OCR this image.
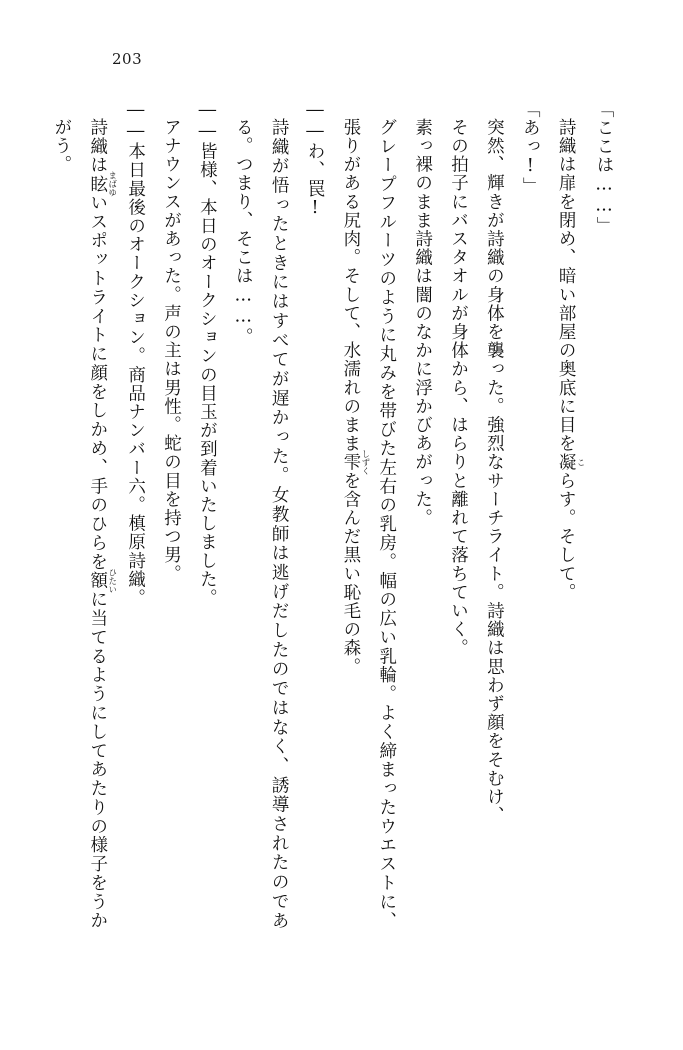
203

「ここは……」

詩織は扉を閉め、暗い部屋の奥底に目を凝 こらす。そして。

「あっ!」

突然、輝きが詩織の身体を襲った。強烈なサーチライト。詩織は思わず顔をそむけ、

その拍子にバスタオルが身体から、はらりと離れて落ちていく。

素っ裸のまま詩織は闇のなかに浮かびあがった。

グレープフルーツのように丸みを帯びた左右の乳房。幅の広い乳輪。よく締まったウエストに、張りがある尻肉。そして、水濡れのまま雫 しずくを含んだ黒い恥毛の森。

――わ、罠!

詩織が悟ったときにはすべてが遅かった。女教師は逃げだしたのではなく、誘導されたのである。つまり、そこは……。

――皆様、本日のオークションの目玉が到着いたしました。

アナウンスがあった。声の主は男性。蛇の目を持つ男。

――本日最後のオークション。商品ナンバー六。槙原詩織。

詩織は眩 まばゆいスポットライトに顔をしかめ、手のひらを額 ひたいに当てるようにしてあたりの様子をうかがう。
